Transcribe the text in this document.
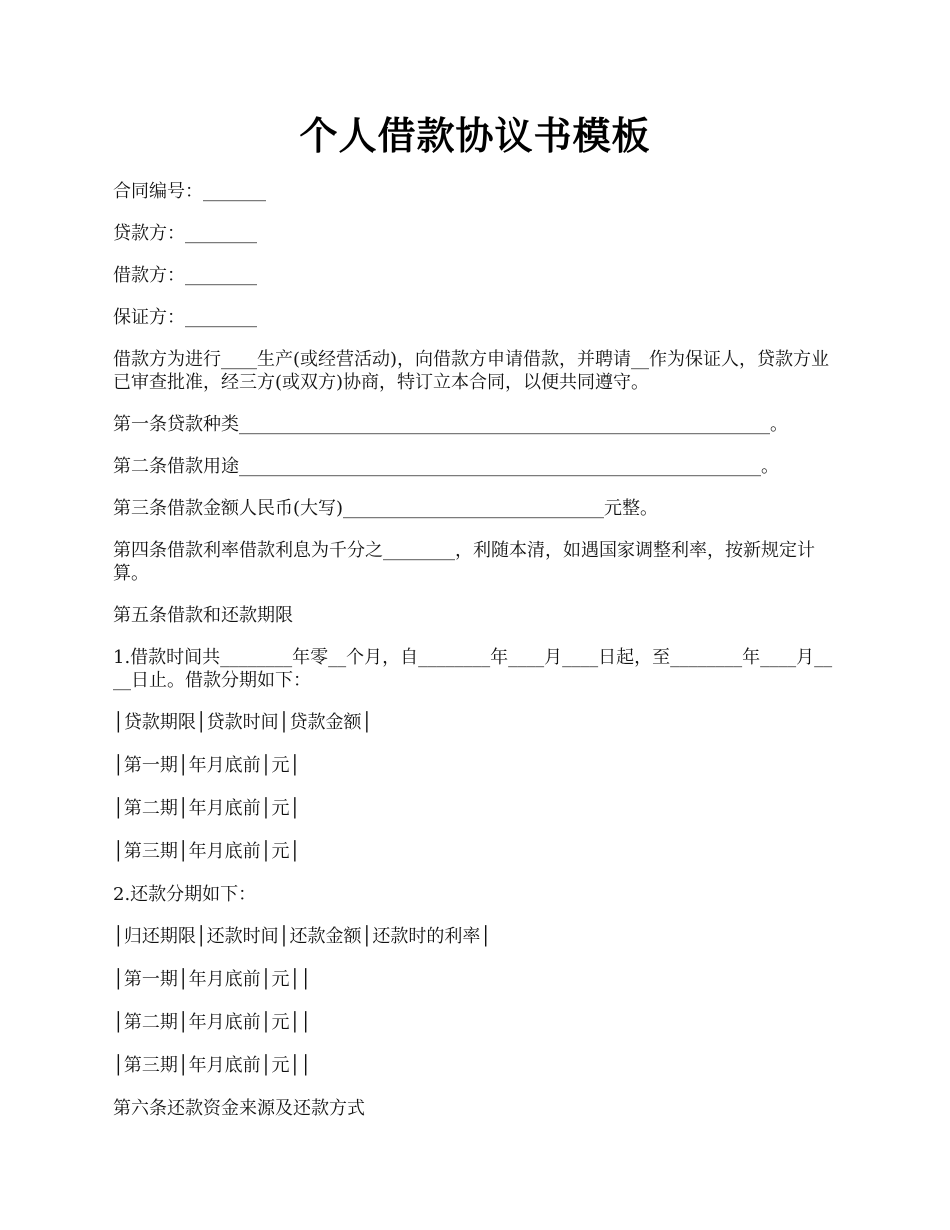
个人借款协议书模板
合同编号：_______
贷款方：________
借款方：________
保证方：________
借款方为进行____生产(或经营活动)，向借款方申请借款，并聘请__作为保证人，贷款方业已审查批准，经三方(或双方)协商，特订立本合同，以便共同遵守。
第一条贷款种类___________________________________________________________。
第二条借款用途__________________________________________________________。
第三条借款金额人民币(大写)_____________________________元整。
第四条借款利率借款利息为千分之________，利随本清，如遇国家调整利率，按新规定计算。
第五条借款和还款期限
1.借款时间共________年零__个月，自________年____月____日起，至________年____月____日止。借款分期如下：
│贷款期限│贷款时间│贷款金额│
│第一期│年月底前│元│
│第二期│年月底前│元│
│第三期│年月底前│元│
2.还款分期如下：
│归还期限│还款时间│还款金额│还款时的利率│
│第一期│年月底前│元││
│第二期│年月底前│元││
│第三期│年月底前│元││
第六条还款资金来源及还款方式
